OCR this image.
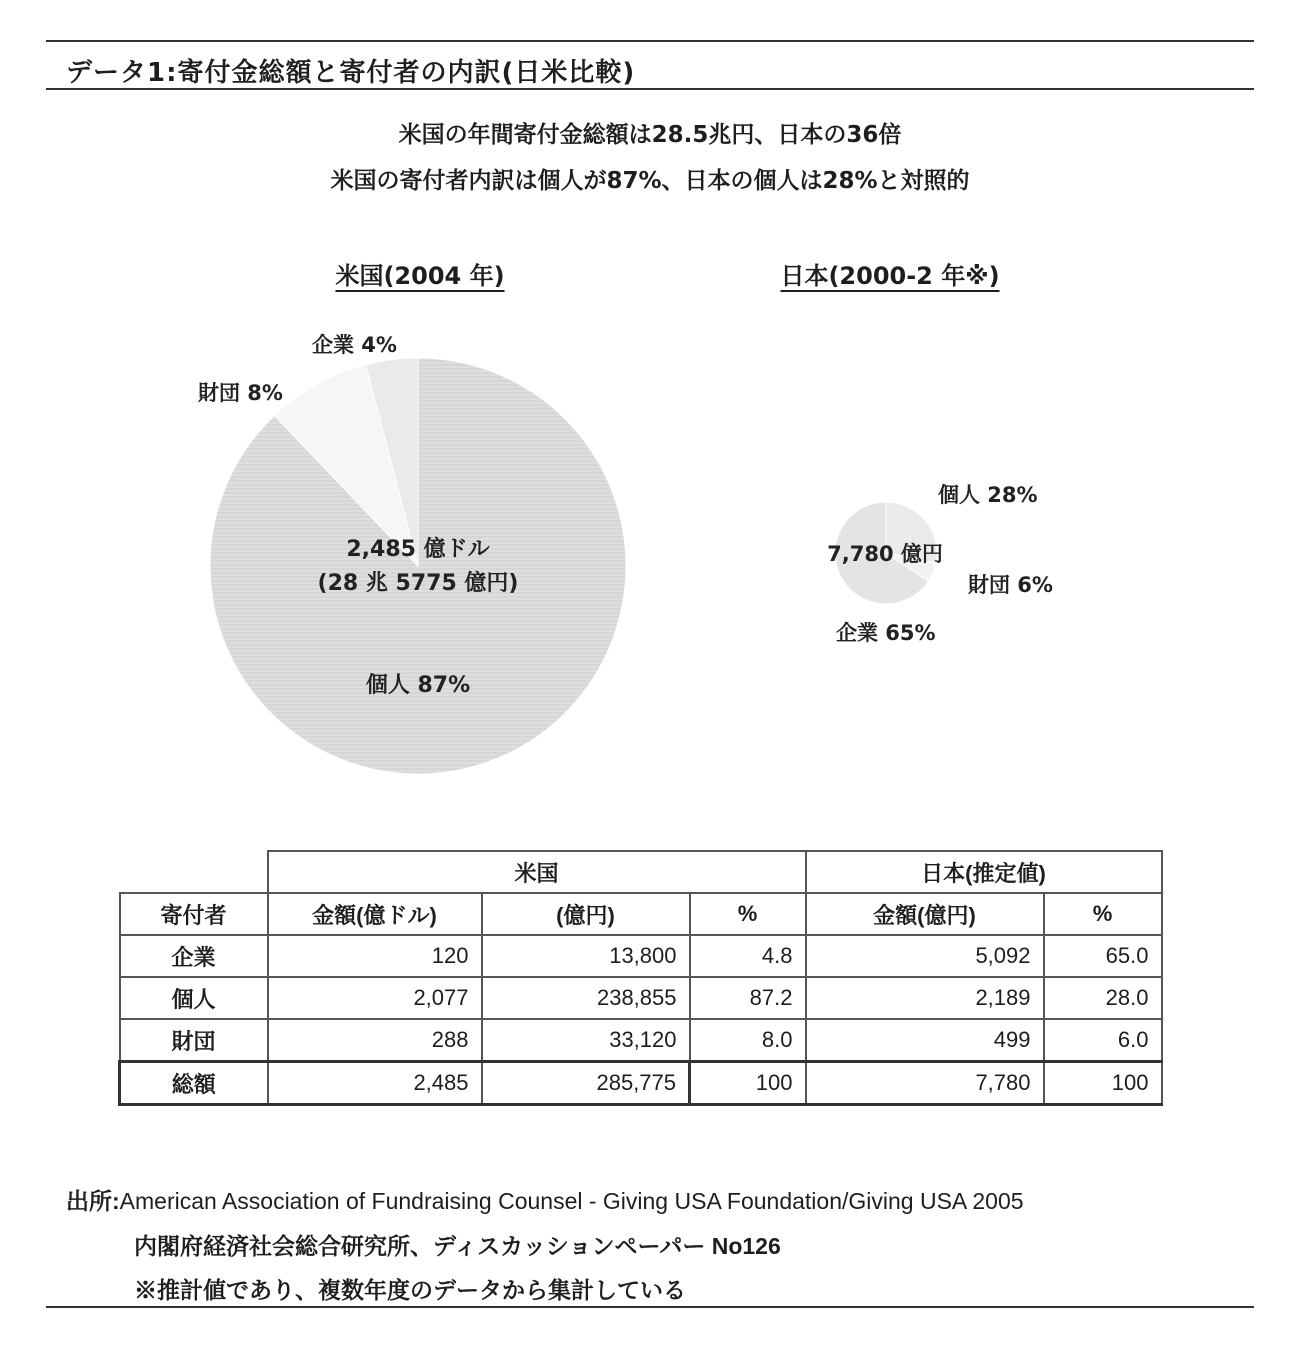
データ1:寄付金総額と寄付者の内訳(日米比較)
米国の年間寄付金総額は28.5兆円、日本の36倍
米国の寄付者内訳は個人が87%、日本の個人は28%と対照的
米国(2004 年)	日本(2000-2 年※)
企業 4%
財団 8%
2,485 億ドル
(28 兆 5775 億円)
個人 87%
個人 28%
7,780 億円
財団 6%
企業 65%
	米国			日本(推定値)	
寄付者	金額(億ドル)	(億円)	%	金額(億円)	%
企業	120	13,800	4.8	5,092	65.0
個人	2,077	238,855	87.2	2,189	28.0
財団	288	33,120	8.0	499	6.0
総額	2,485	285,775	100	7,780	100
出所:American Association of Fundraising Counsel - Giving USA Foundation/Giving USA 2005
内閣府経済社会総合研究所、ディスカッションペーパー No126
※推計値であり、複数年度のデータから集計している
